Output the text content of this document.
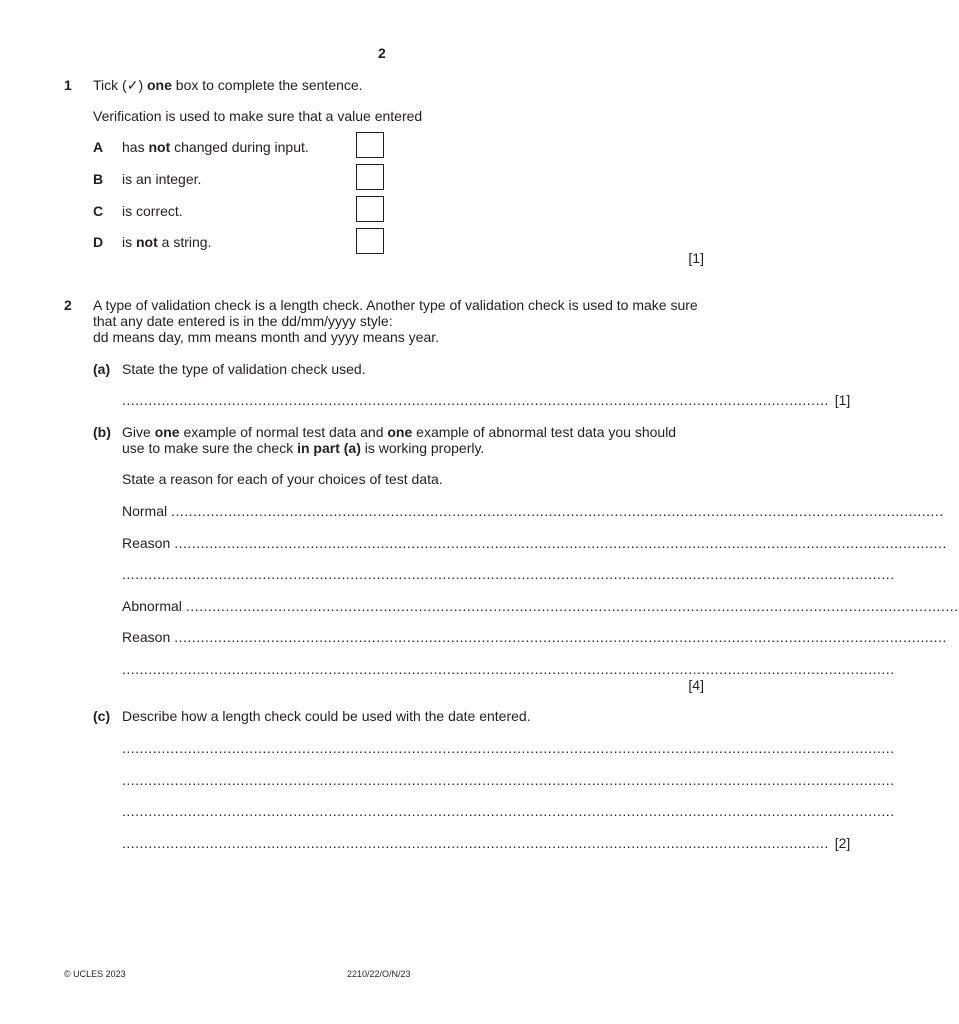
2
1 Tick (✓) one box to complete the sentence.
Verification is used to make sure that a value entered
A has not changed during input.
B is an integer.
C is correct.
D is not a string.
[1]
2 A type of validation check is a length check. Another type of validation check is used to make sure
that any date entered is in the dd/mm/yyyy style:
dd means day, mm means month and yyyy means year.
(a) State the type of validation check used.
................................................................................................................................................................. [1]
(b) Give one example of normal test data and one example of abnormal test data you should
use to make sure the check in part (a) is working properly.
State a reason for each of your choices of test data.
Normal ................................................................................................................................................................................
Reason ................................................................................................................................................................................
................................................................................................................................................................................
Abnormal ................................................................................................................................................................................
Reason ................................................................................................................................................................................
................................................................................................................................................................................
[4]
(c) Describe how a length check could be used with the date entered.
................................................................................................................................................................................
................................................................................................................................................................................
................................................................................................................................................................................
................................................................................................................................................................. [2]
© UCLES 2023	2210/22/O/N/23
